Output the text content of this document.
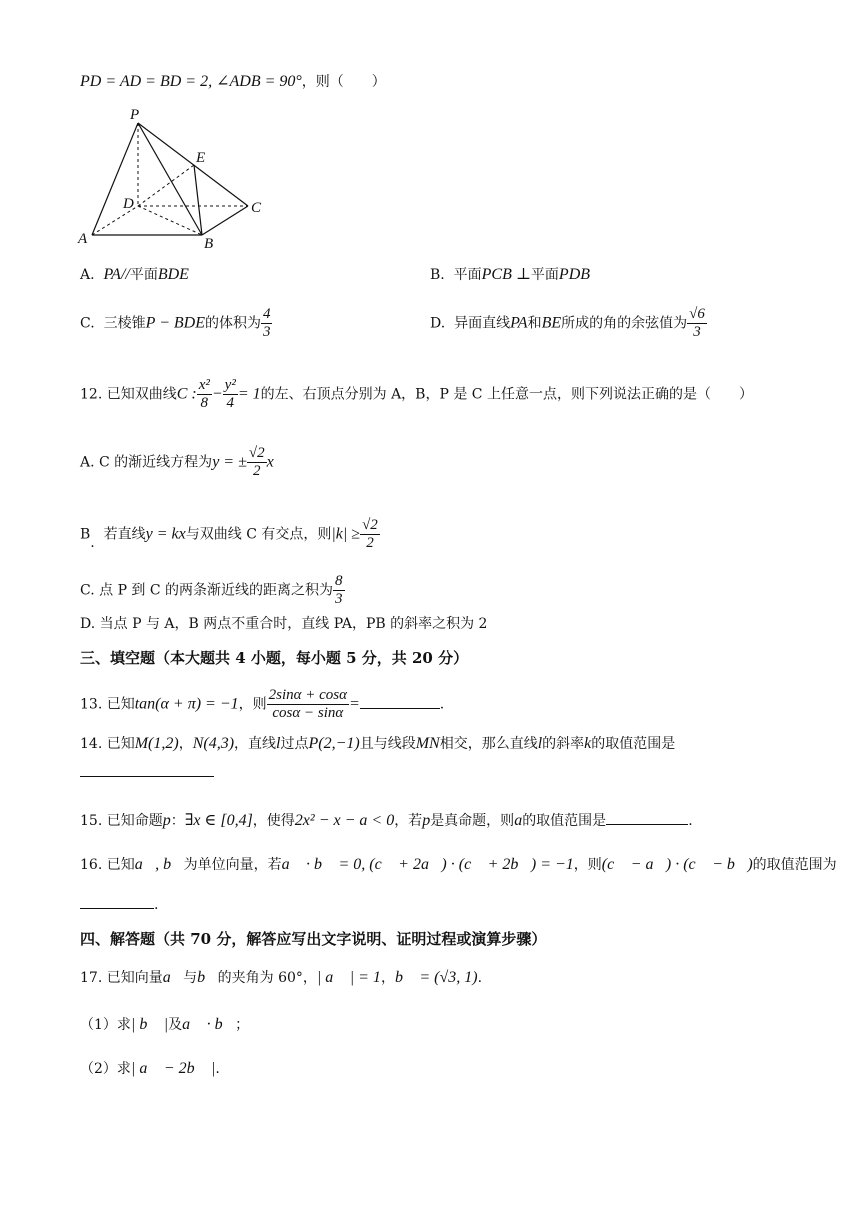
PD = AD = BD = 2, ∠ADB = 90°，则（　　）
P
E
D	C
A	B
A. PA//平面BDE	B. 平面PCB ⊥平面PDB
C. 三棱锥P − BDE的体积为 $\frac{4}{3}$	D. 异面直线PA和BE所成的角的余弦值为 $\frac{√6}{3}$
12. 已知双曲线C : $\frac{\text{x²}}{8} - \frac{\text{y²}}{4} = 1$的左、右顶点分别为 A，B，P 是 C 上任意一点，则下列说法正确的是（　　）
A. C 的渐近线方程为y = ± $\frac{√2}{2}$ x
B. 若直线y = kx与双曲线 C 有交点，则$|k| \ge \frac{√2}{2}$
C. 点 P 到 C 的两条渐近线的距离之积为 $\frac{8}{3}$
D. 当点 P 与 A，B 两点不重合时，直线 PA，PB 的斜率之积为 2
三、填空题（本大题共 4 小题，每小题 5 分，共 20 分）
13. 已知tan(α + π) = −1，则 $\frac{2\sin\alpha + \cos\alpha}{\cos\alpha - \sin\alpha}$ =	.
14. 已知M(1,2)，N(4,3)，直线l过点P(2,−1)且与线段MN相交，那么直线l的斜率k的取值范围是
15. 已知命题p：∃x ∈ [0,4]，使得2x² − x − a < 0，若p是真命题，则a的取值范围是	.
16. 已知a⃗, b⃗为单位向量，若a⃗ · b⃗ = 0, (c⃗ + 2a⃗) · (c⃗ + 2b⃗) = −1，则(c⃗ − a⃗) · (c⃗ − b⃗)的取值范围为
.
四、解答题（共 70 分，解答应写出文字说明、证明过程或演算步骤）
17. 已知向量a⃗与b⃗的夹角为 60°，| a⃗ | = 1，b⃗ = (√3, 1).
（1）求| b⃗ |及a⃗ · b⃗；
（2）求| a⃗ − 2b⃗ |.
